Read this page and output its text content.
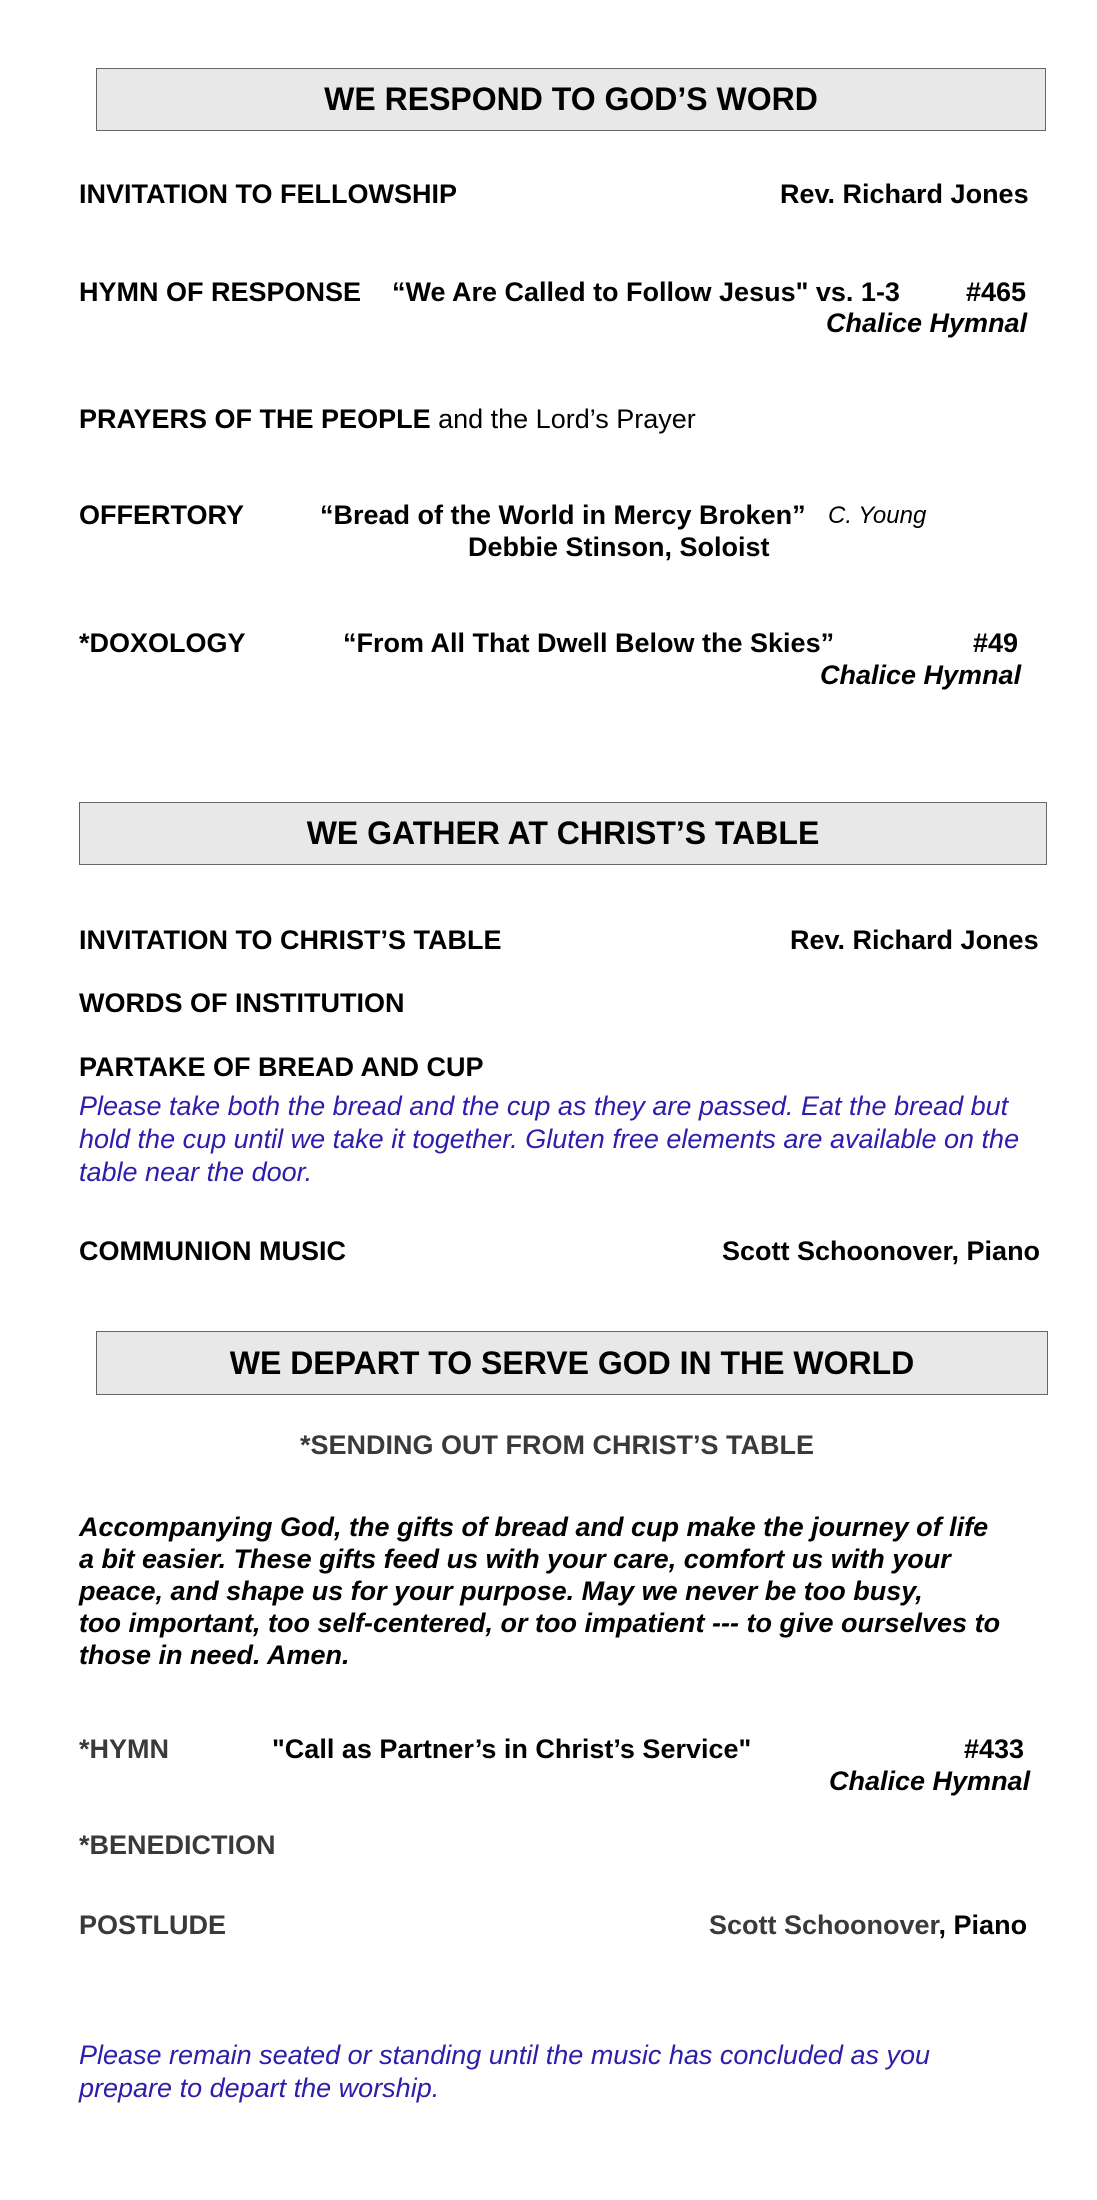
WE RESPOND TO GOD’S WORD
INVITATION TO FELLOWSHIP	Rev. Richard Jones
HYMN OF RESPONSE “We Are Called to Follow Jesus" vs. 1-3 #465
Chalice Hymnal
PRAYERS OF THE PEOPLE and the Lord’s Prayer
OFFERTORY	“Bread of the World in Mercy Broken” C. Young
Debbie Stinson, Soloist
*DOXOLOGY	“From All That Dwell Below the Skies”	#49
Chalice Hymnal
WE GATHER AT CHRIST’S TABLE
INVITATION TO CHRIST’S TABLE	Rev. Richard Jones
WORDS OF INSTITUTION
PARTAKE OF BREAD AND CUP
Please take both the bread and the cup as they are passed. Eat the bread but hold the cup until we take it together. Gluten free elements are available on the table near the door.
COMMUNION MUSIC	Scott Schoonover, Piano
WE DEPART TO SERVE GOD IN THE WORLD
*SENDING OUT FROM CHRIST’S TABLE
Accompanying God, the gifts of bread and cup make the journey of life
a bit easier. These gifts feed us with your care, comfort us with your
peace, and shape us for your purpose. May we never be too busy,
too important, too self-centered, or too impatient --- to give ourselves to
those in need. Amen.
*HYMN	"Call as Partner’s in Christ’s Service"	#433
Chalice Hymnal
*BENEDICTION
POSTLUDE	Scott Schoonover, Piano
Please remain seated or standing until the music has concluded as you prepare to depart the worship.
